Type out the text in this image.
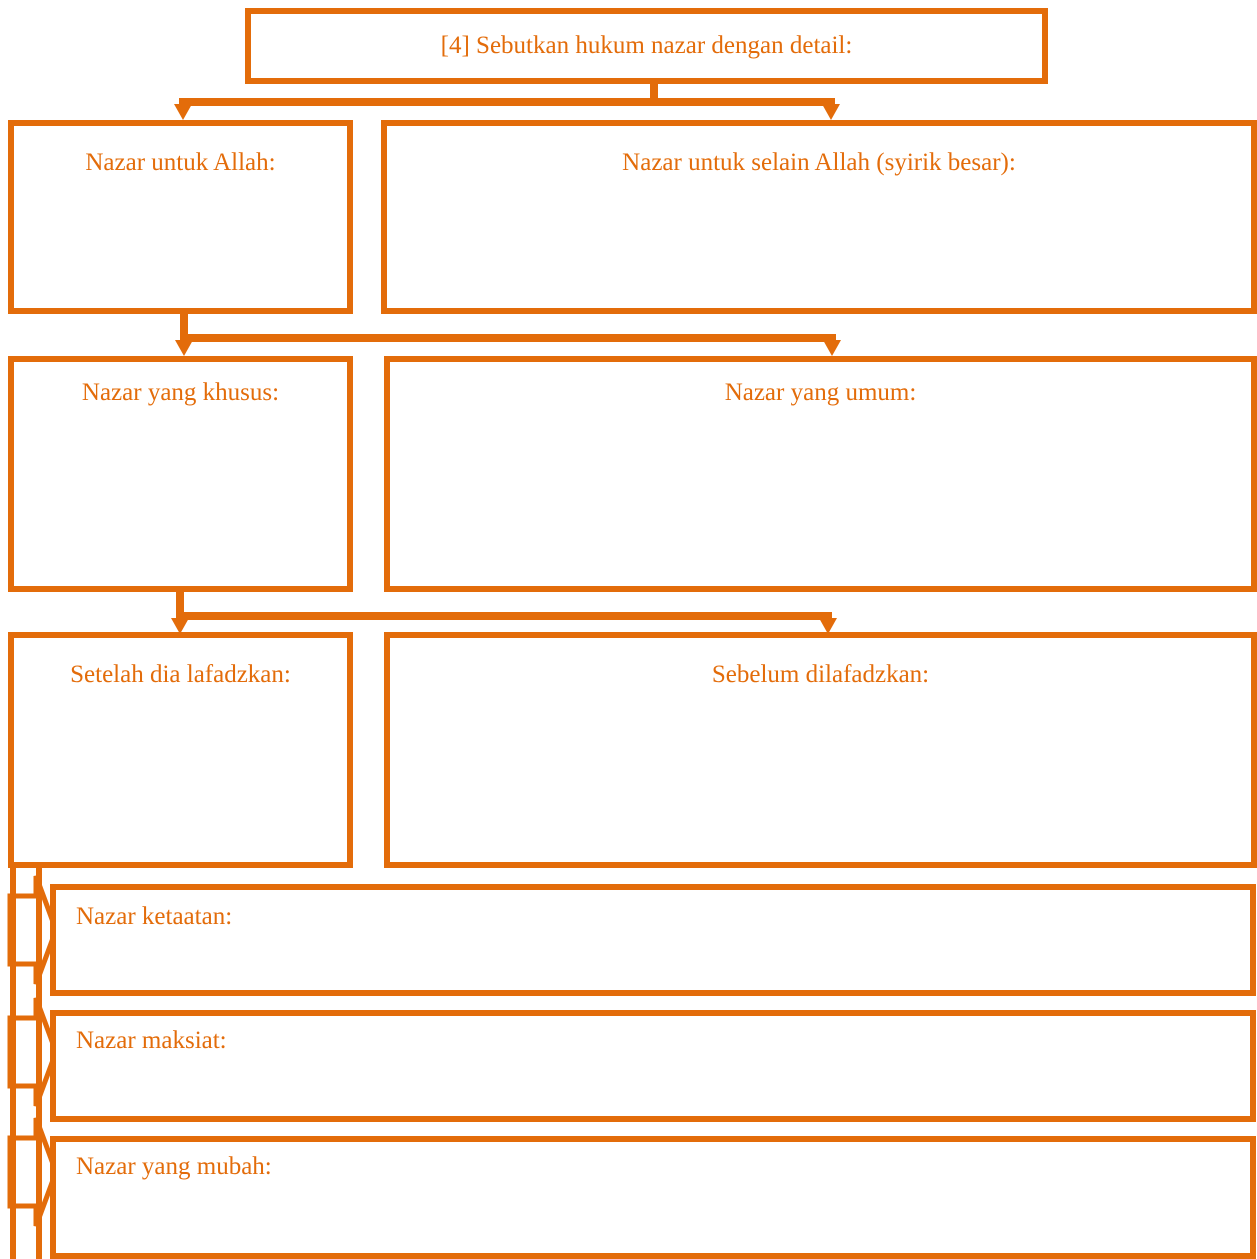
[4] Sebutkan hukum nazar dengan detail:
Nazar untuk Allah:	Nazar untuk selain Allah (syirik besar):
Nazar yang khusus:	Nazar yang umum:
Setelah dia lafadzkan:	Sebelum dilafadzkan:
Nazar ketaatan:
Nazar maksiat:
Nazar yang mubah:
